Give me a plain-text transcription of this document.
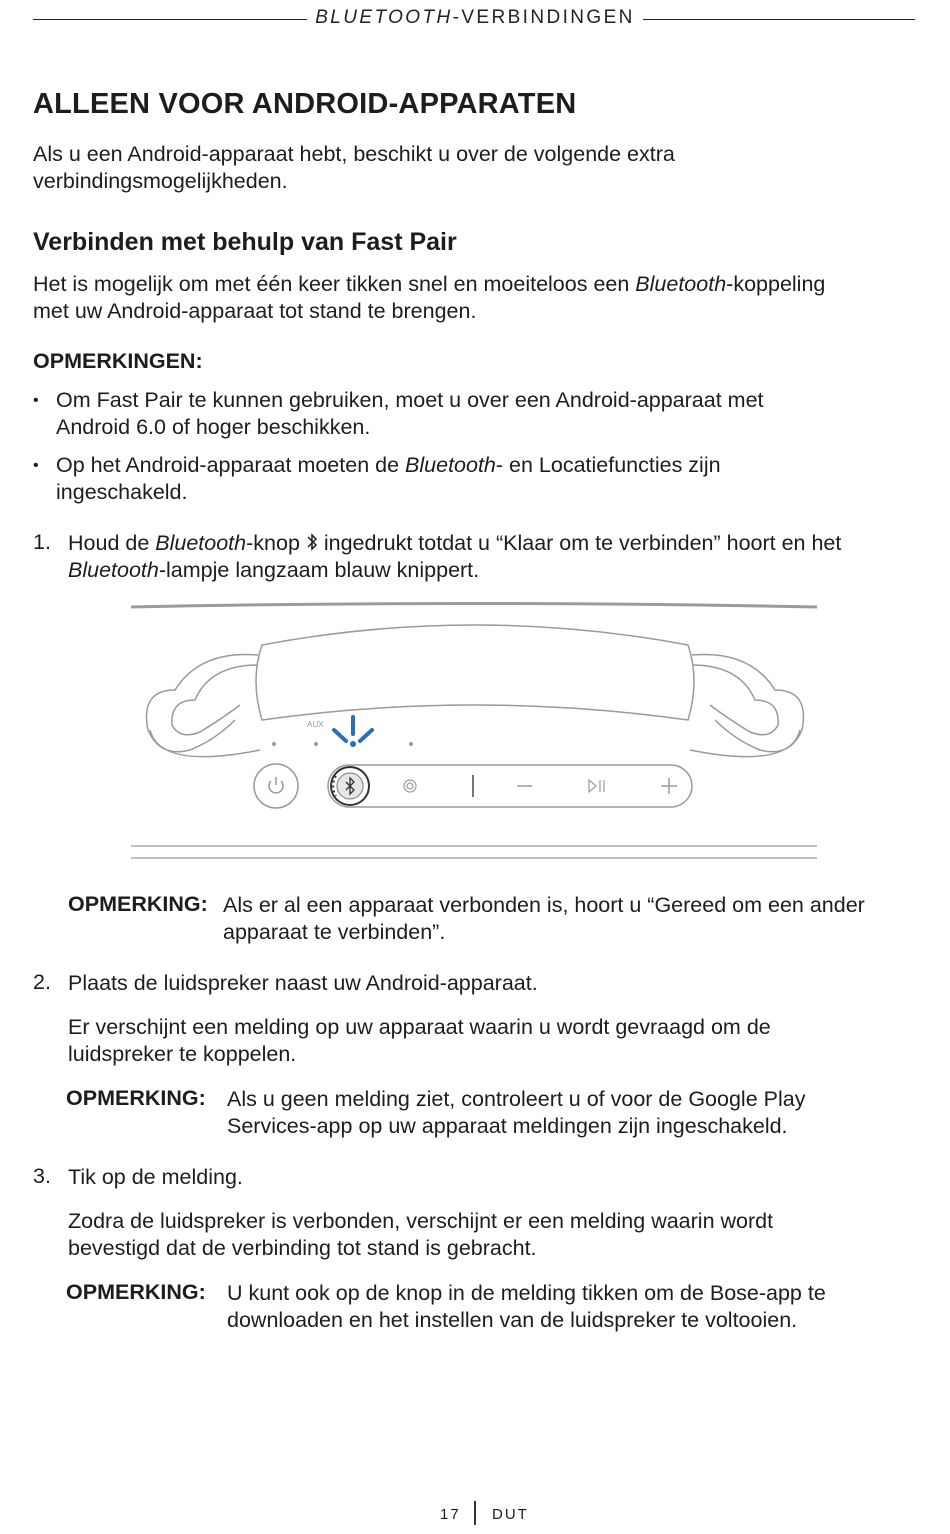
BLUETOOTH-VERBINDINGEN
ALLEEN VOOR ANDROID-APPARATEN
Als u een Android-apparaat hebt, beschikt u over de volgende extra
verbindingsmogelijkheden.
Verbinden met behulp van Fast Pair
Het is mogelijk om met één keer tikken snel en moeiteloos een Bluetooth-koppeling
met uw Android-apparaat tot stand te brengen.
OPMERKINGEN:
• Om Fast Pair te kunnen gebruiken, moet u over een Android-apparaat met
Android 6.0 of hoger beschikken.
• Op het Android-apparaat moeten de Bluetooth- en Locatiefuncties zijn
ingeschakeld.
1. Houd de Bluetooth-knop  ingedrukt totdat u “Klaar om te verbinden” hoort en het
Bluetooth-lampje langzaam blauw knippert.
AUX
OPMERKING: Als er al een apparaat verbonden is, hoort u “Gereed om een ander
apparaat te verbinden”.
2. Plaats de luidspreker naast uw Android-apparaat.
Er verschijnt een melding op uw apparaat waarin u wordt gevraagd om de
luidspreker te koppelen.
OPMERKING: Als u geen melding ziet, controleert u of voor de Google Play
Services-app op uw apparaat meldingen zijn ingeschakeld.
3. Tik op de melding.
Zodra de luidspreker is verbonden, verschijnt er een melding waarin wordt
bevestigd dat de verbinding tot stand is gebracht.
OPMERKING: U kunt ook op de knop in de melding tikken om de Bose-app te
downloaden en het instellen van de luidspreker te voltooien.
17 DUT
